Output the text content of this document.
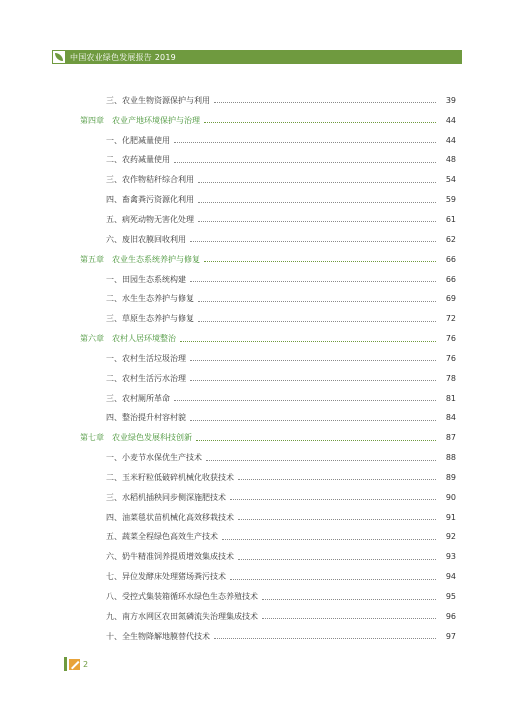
中国农业绿色发展报告 2019
三、农业生物资源保护与利用	39
第四章 农业产地环境保护与治理	44
一、化肥减量使用	44
二、农药减量使用	48
三、农作物秸秆综合利用	54
四、畜禽粪污资源化利用	59
五、病死动物无害化处理	61
六、废旧农膜回收利用	62
第五章 农业生态系统养护与修复	66
一、田园生态系统构建	66
二、水生生态养护与修复	69
三、草原生态养护与修复	72
第六章 农村人居环境整治	76
一、农村生活垃圾治理	76
二、农村生活污水治理	78
三、农村厕所革命	81
四、整治提升村容村貌	84
第七章 农业绿色发展科技创新	87
一、小麦节水保优生产技术	88
二、玉米籽粒低破碎机械化收获技术	89
三、水稻机插秧同步侧深施肥技术	90
四、油菜毯状苗机械化高效移栽技术	91
五、蔬菜全程绿色高效生产技术	92
六、奶牛精准饲养提质增效集成技术	93
七、异位发酵床处理猪场粪污技术	94
八、受控式集装箱循环水绿色生态养殖技术	95
九、南方水网区农田氮磷流失治理集成技术	96
十、全生物降解地膜替代技术	97
2
